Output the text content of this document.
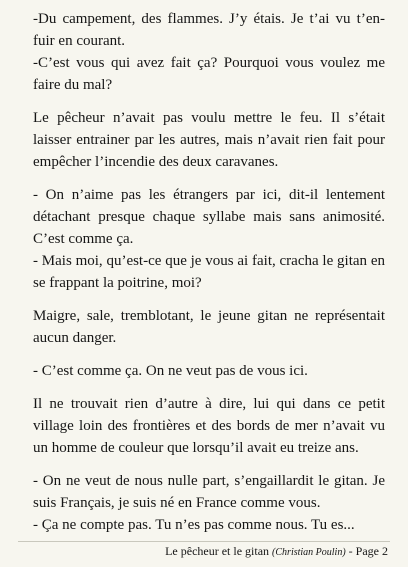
-Du campement, des flammes. J’y étais. Je t’ai vu t’en-fuir en courant.

-C’est vous qui avez fait ça? Pourquoi vous voulez me faire du mal?

Le pêcheur n’avait pas voulu mettre le feu. Il s’était laisser entrainer par les autres, mais n’avait rien fait pour empêcher l’incendie des deux caravanes.

- On n’aime pas les étrangers par ici, dit-il lentement détachant presque chaque syllabe mais sans animosité. C’est comme ça.

- Mais moi, qu’est-ce que je vous ai fait, cracha le gitan en se frappant la poitrine, moi?

Maigre, sale, tremblotant, le jeune gitan ne représentait aucun danger.

- C’est comme ça. On ne veut pas de vous ici.

Il ne trouvait rien d’autre à dire, lui qui dans ce petit village loin des frontières et des bords de mer n’avait vu un homme de couleur que lorsqu’il avait eu treize ans.

- On ne veut de nous nulle part, s’engaillardit le gitan. Je suis Français, je suis né en France comme vous.

- Ça ne compte pas. Tu n’es pas comme nous. Tu es...

Le pêcheur et le gitan (Christian Poulin) - Page 2
